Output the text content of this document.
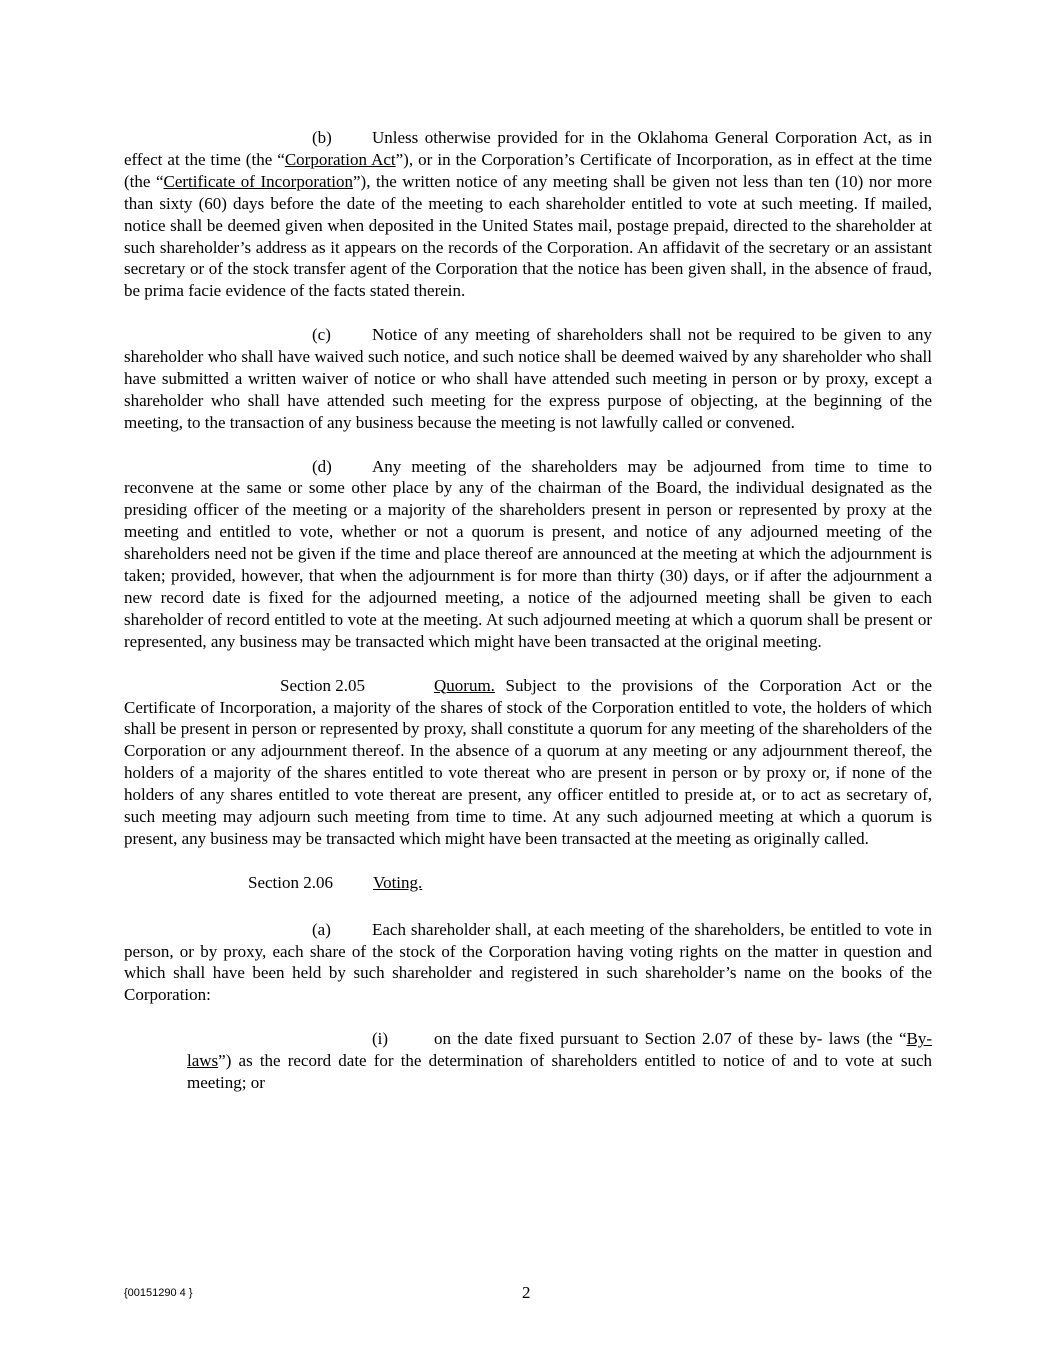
(b) Unless otherwise provided for in the Oklahoma General Corporation Act, as in effect at the time (the “Corporation Act”), or in the Corporation’s Certificate of Incorporation, as in effect at the time (the “Certificate of Incorporation”), the written notice of any meeting shall be given not less than ten (10) nor more than sixty (60) days before the date of the meeting to each shareholder entitled to vote at such meeting. If mailed, notice shall be deemed given when deposited in the United States mail, postage prepaid, directed to the shareholder at such shareholder’s address as it appears on the records of the Corporation. An affidavit of the secretary or an assistant secretary or of the stock transfer agent of the Corporation that the notice has been given shall, in the absence of fraud, be prima facie evidence of the facts stated therein.

(c) Notice of any meeting of shareholders shall not be required to be given to any shareholder who shall have waived such notice, and such notice shall be deemed waived by any shareholder who shall have submitted a written waiver of notice or who shall have attended such meeting in person or by proxy, except a shareholder who shall have attended such meeting for the express purpose of objecting, at the beginning of the meeting, to the transaction of any business because the meeting is not lawfully called or convened.

(d) Any meeting of the shareholders may be adjourned from time to time to reconvene at the same or some other place by any of the chairman of the Board, the individual designated as the presiding officer of the meeting or a majority of the shareholders present in person or represented by proxy at the meeting and entitled to vote, whether or not a quorum is present, and notice of any adjourned meeting of the shareholders need not be given if the time and place thereof are announced at the meeting at which the adjournment is taken; provided, however, that when the adjournment is for more than thirty (30) days, or if after the adjournment a new record date is fixed for the adjourned meeting, a notice of the adjourned meeting shall be given to each shareholder of record entitled to vote at the meeting. At such adjourned meeting at which a quorum shall be present or represented, any business may be transacted which might have been transacted at the original meeting.

Section 2.05	Quorum. Subject to the provisions of the Corporation Act or the Certificate of Incorporation, a majority of the shares of stock of the Corporation entitled to vote, the holders of which shall be present in person or represented by proxy, shall constitute a quorum for any meeting of the shareholders of the Corporation or any adjournment thereof. In the absence of a quorum at any meeting or any adjournment thereof, the holders of a majority of the shares entitled to vote thereat who are present in person or by proxy or, if none of the holders of any shares entitled to vote thereat are present, any officer entitled to preside at, or to act as secretary of, such meeting may adjourn such meeting from time to time. At any such adjourned meeting at which a quorum is present, any business may be transacted which might have been transacted at the meeting as originally called.

Section 2.06 Voting.

(a) Each shareholder shall, at each meeting of the shareholders, be entitled to vote in person, or by proxy, each share of the stock of the Corporation having voting rights on the matter in question and which shall have been held by such shareholder and registered in such shareholder’s name on the books of the Corporation:

(i)	on the date fixed pursuant to Section 2.07 of these by- laws (the “By-laws”) as the record date for the determination of shareholders entitled to notice of and to vote at such meeting; or

{00151290 4 }	2
